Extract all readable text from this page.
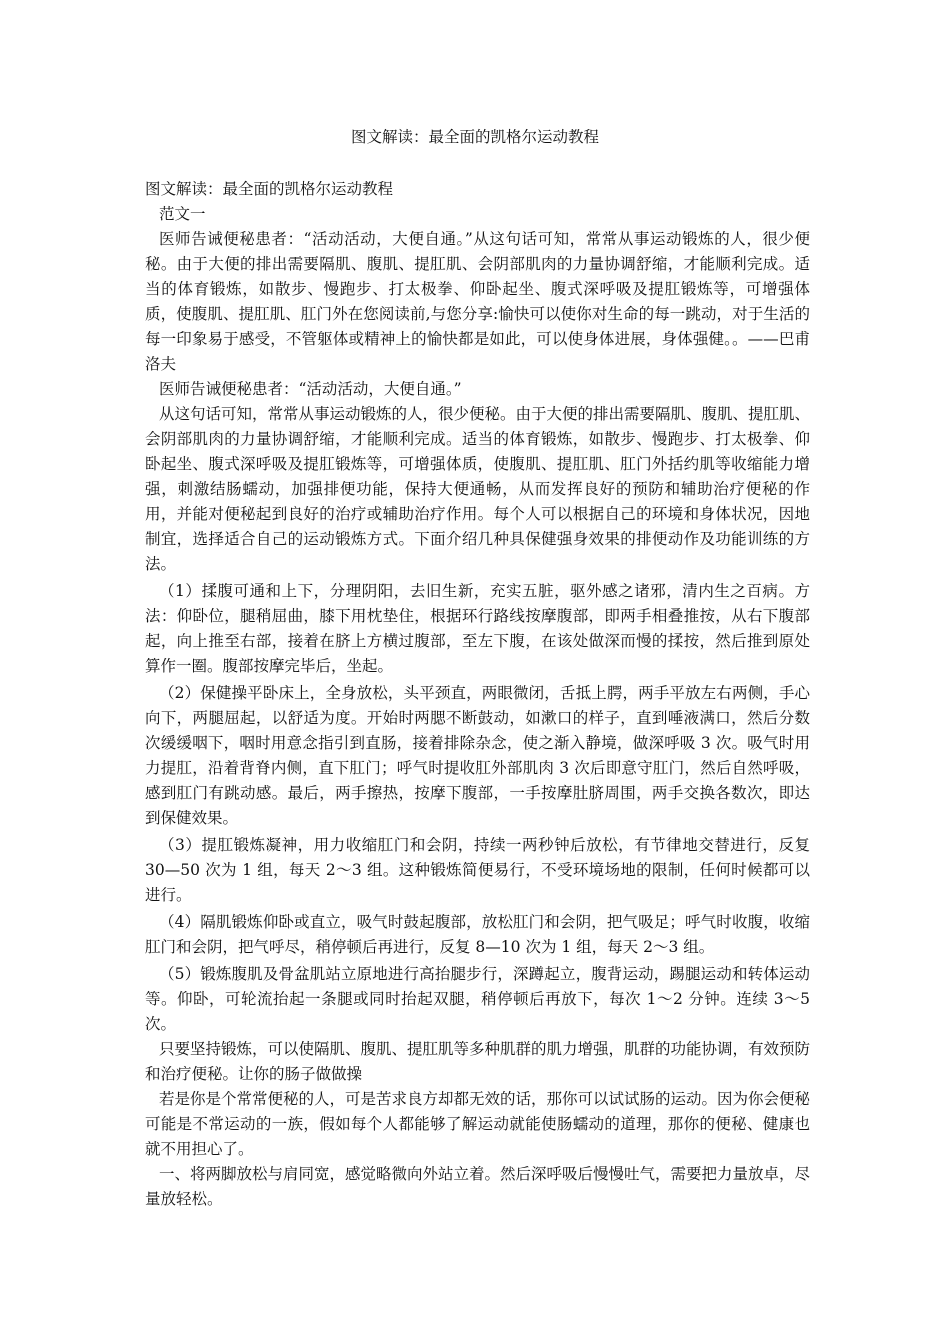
图文解读：最全面的凯格尔运动教程

图文解读：最全面的凯格尔运动教程

范文一

医师告诫便秘患者：“活动活动，大便自通。”从这句话可知，常常从事运动锻炼的人，很少便秘。由于大便的排出需要隔肌、腹肌、提肛肌、会阴部肌肉的力量协调舒缩，才能顺利完成。适当的体育锻炼，如散步、慢跑步、打太极拳、仰卧起坐、腹式深呼吸及提肛锻炼等，可增强体质，使腹肌、提肛肌、肛门外在您阅读前,与您分享:愉快可以使你对生命的每一跳动，对于生活的每一印象易于感受，不管躯体或精神上的愉快都是如此，可以使身体进展，身体强健。。——巴甫洛夫

医师告诫便秘患者：“活动活动，大便自通。”

从这句话可知，常常从事运动锻炼的人，很少便秘。由于大便的排出需要隔肌、腹肌、提肛肌、会阴部肌肉的力量协调舒缩，才能顺利完成。适当的体育锻炼，如散步、慢跑步、打太极拳、仰卧起坐、腹式深呼吸及提肛锻炼等，可增强体质，使腹肌、提肛肌、肛门外括约肌等收缩能力增强，刺激结肠蠕动，加强排便功能，保持大便通畅，从而发挥良好的预防和辅助治疗便秘的作用，并能对便秘起到良好的治疗或辅助治疗作用。每个人可以根据自己的环境和身体状况，因地制宜，选择适合自己的运动锻炼方式。下面介绍几种具保健强身效果的排便动作及功能训练的方法。

（1）揉腹可通和上下，分理阴阳，去旧生新，充实五脏，驱外感之诸邪，清内生之百病。方法：仰卧位，腿稍屈曲，膝下用枕垫住，根据环行路线按摩腹部，即两手相叠推按，从右下腹部起，向上推至右部，接着在脐上方横过腹部，至左下腹，在该处做深而慢的揉按，然后推到原处算作一圈。腹部按摩完毕后，坐起。

（2）保健操平卧床上，全身放松，头平颈直，两眼微闭，舌抵上腭，两手平放左右两侧，手心向下，两腿屈起，以舒适为度。开始时两腮不断鼓动，如漱口的样子，直到唾液满口，然后分数次缓缓咽下，咽时用意念指引到直肠，接着排除杂念，使之渐入静境，做深呼吸 3 次。吸气时用力提肛，沿着背脊内侧，直下肛门；呼气时提收肛外部肌肉 3 次后即意守肛门，然后自然呼吸，感到肛门有跳动感。最后，两手擦热，按摩下腹部，一手按摩肚脐周围，两手交换各数次，即达到保健效果。

（3）提肛锻炼凝神，用力收缩肛门和会阴，持续一两秒钟后放松，有节律地交替进行，反复 30—50 次为 1 组，每天 2～3 组。这种锻炼简便易行，不受环境场地的限制，任何时候都可以进行。

（4）隔肌锻炼仰卧或直立，吸气时鼓起腹部，放松肛门和会阴，把气吸足；呼气时收腹，收缩肛门和会阴，把气呼尽，稍停顿后再进行，反复 8—10 次为 1 组，每天 2～3 组。

（5）锻炼腹肌及骨盆肌站立原地进行高抬腿步行，深蹲起立，腹背运动，踢腿运动和转体运动等。仰卧，可轮流抬起一条腿或同时抬起双腿，稍停顿后再放下，每次 1～2 分钟。连续 3～5 次。

只要坚持锻炼，可以使隔肌、腹肌、提肛肌等多种肌群的肌力增强，肌群的功能协调，有效预防和治疗便秘。让你的肠子做做操

若是你是个常常便秘的人，可是苦求良方却都无效的话，那你可以试试肠的运动。因为你会便秘可能是不常运动的一族，假如每个人都能够了解运动就能使肠蠕动的道理，那你的便秘、健康也就不用担心了。

一、将两脚放松与肩同宽，感觉略微向外站立着。然后深呼吸后慢慢吐气，需要把力量放卓，尽量放轻松。
